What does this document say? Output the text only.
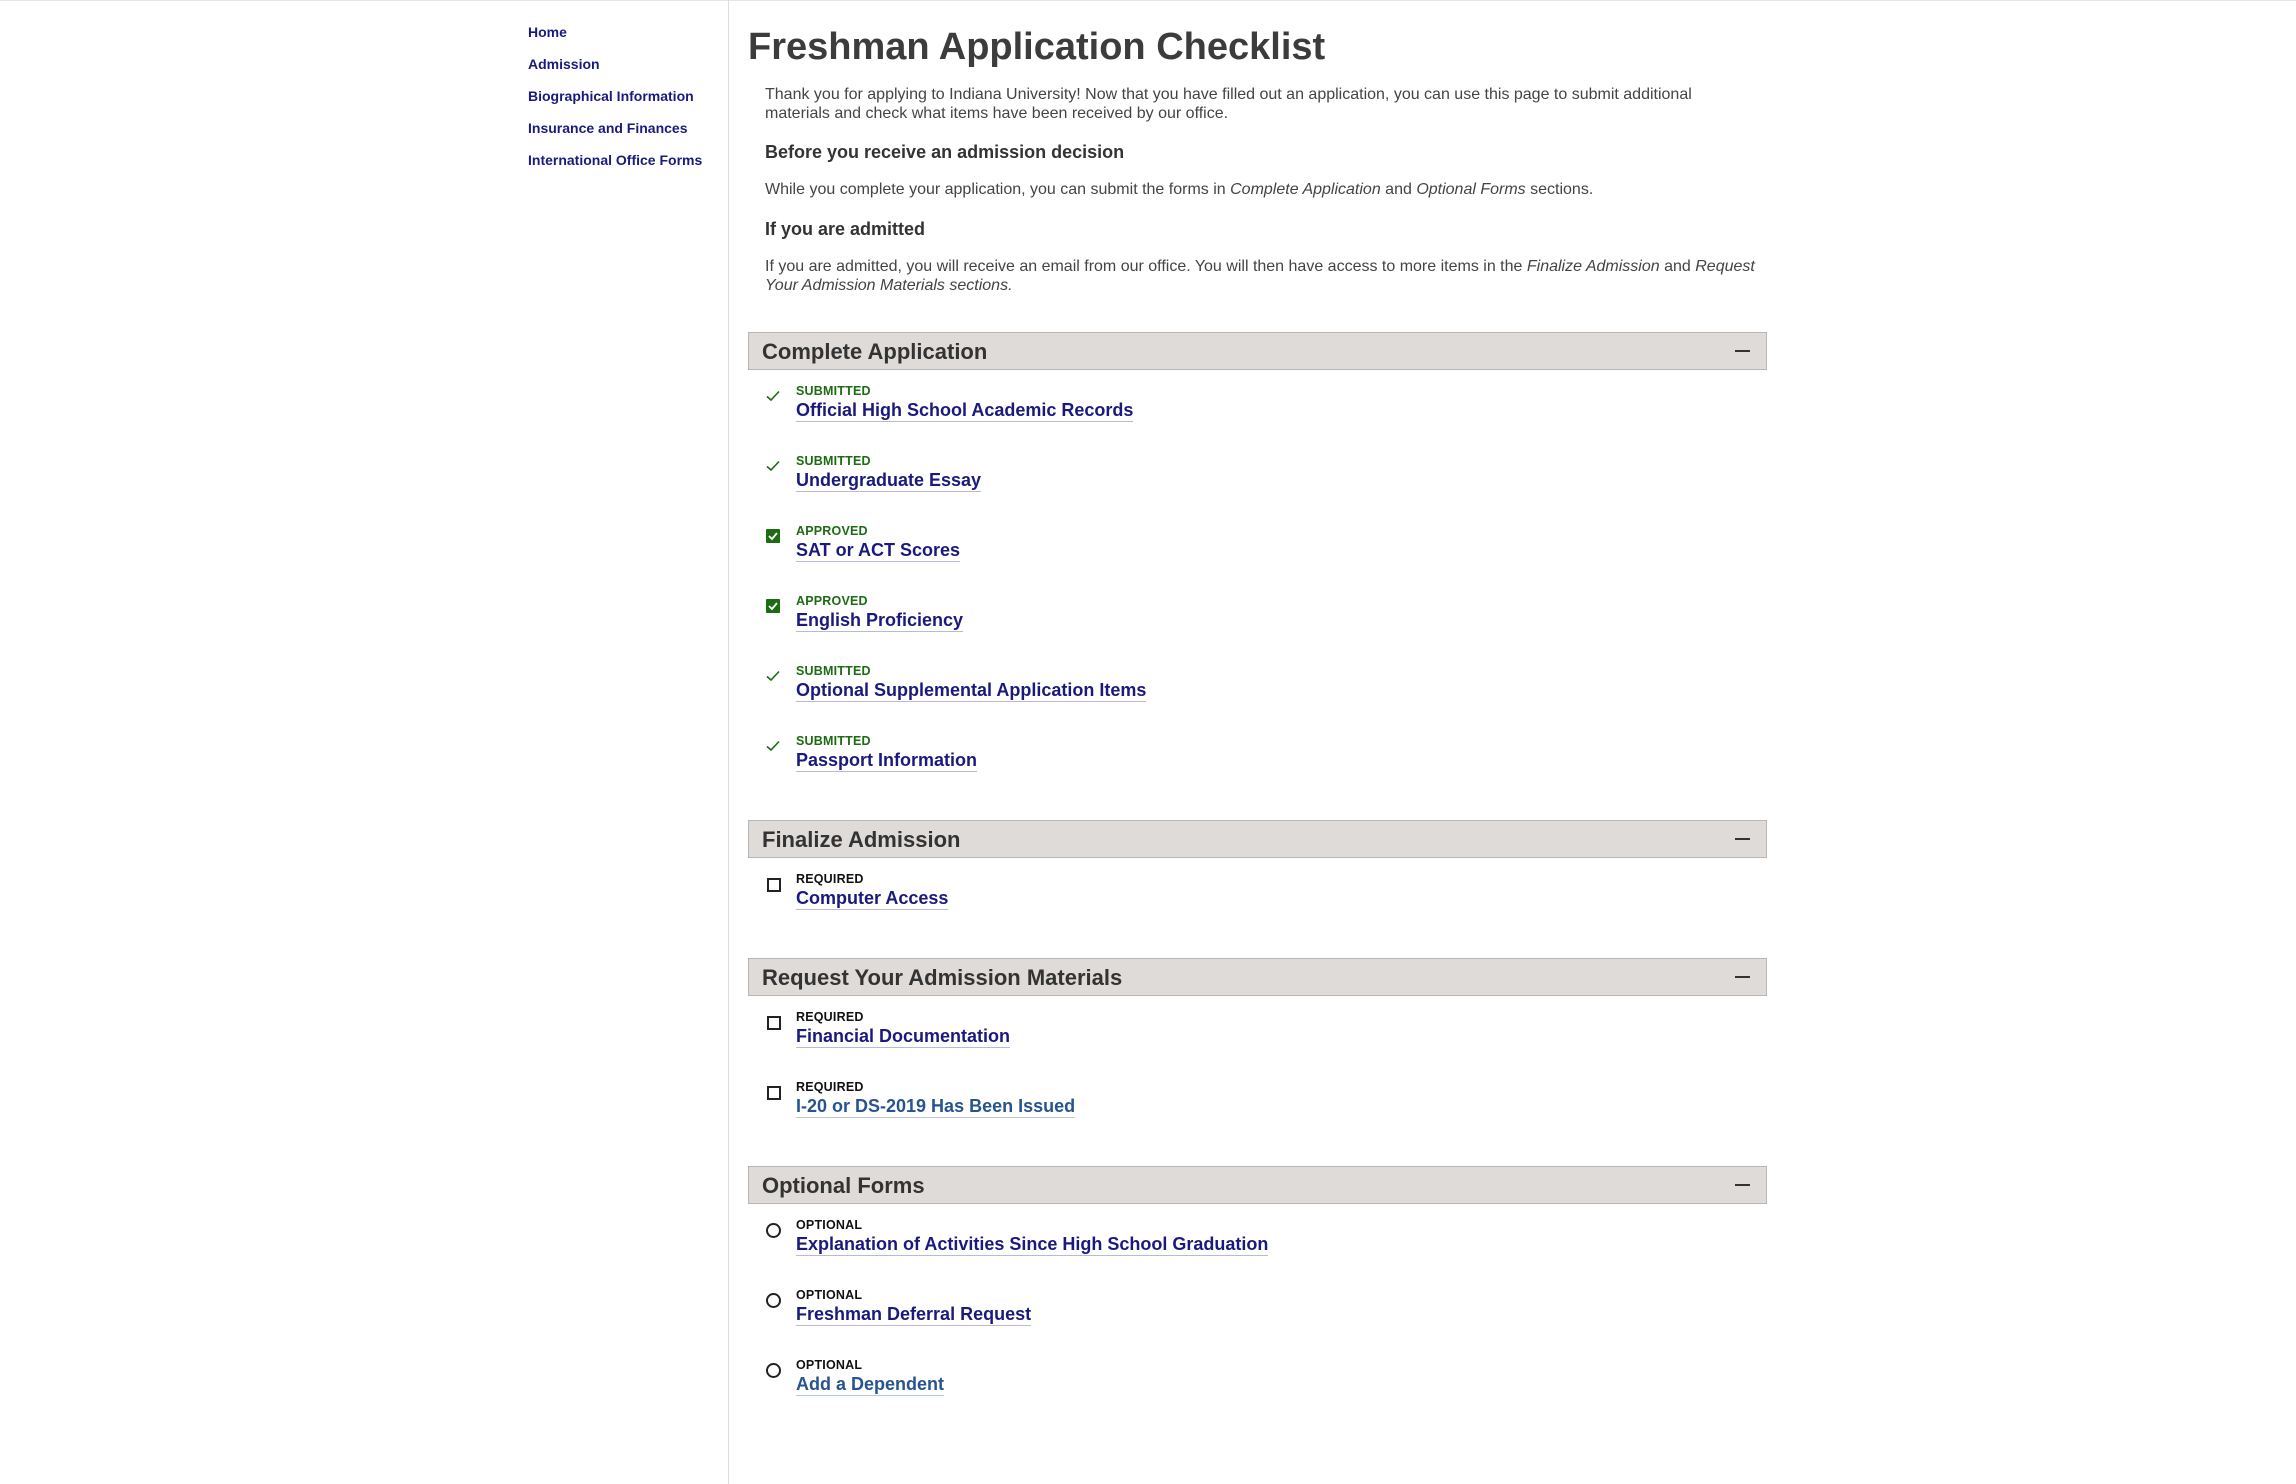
Home
Admission
Biographical Information
Insurance and Finances
International Office Forms
Freshman Application Checklist

Thank you for applying to Indiana University! Now that you have filled out an application, you can use this page to submit additional materials and check what items have been received by our office.

Before you receive an admission decision

While you complete your application, you can submit the forms in Complete Application and Optional Forms sections.

If you are admitted

If you are admitted, you will receive an email from our office. You will then have access to more items in the Finalize Admission and Request Your Admission Materials sections.

Complete Application
SUBMITTED
Official High School Academic Records
SUBMITTED
Undergraduate Essay
APPROVED
SAT or ACT Scores
APPROVED
English Proficiency
SUBMITTED
Optional Supplemental Application Items
SUBMITTED
Passport Information
Finalize Admission
REQUIRED
Computer Access
Request Your Admission Materials
REQUIRED
Financial Documentation
REQUIRED
I-20 or DS-2019 Has Been Issued
Optional Forms
OPTIONAL
Explanation of Activities Since High School Graduation
OPTIONAL
Freshman Deferral Request
OPTIONAL
Add a Dependent
